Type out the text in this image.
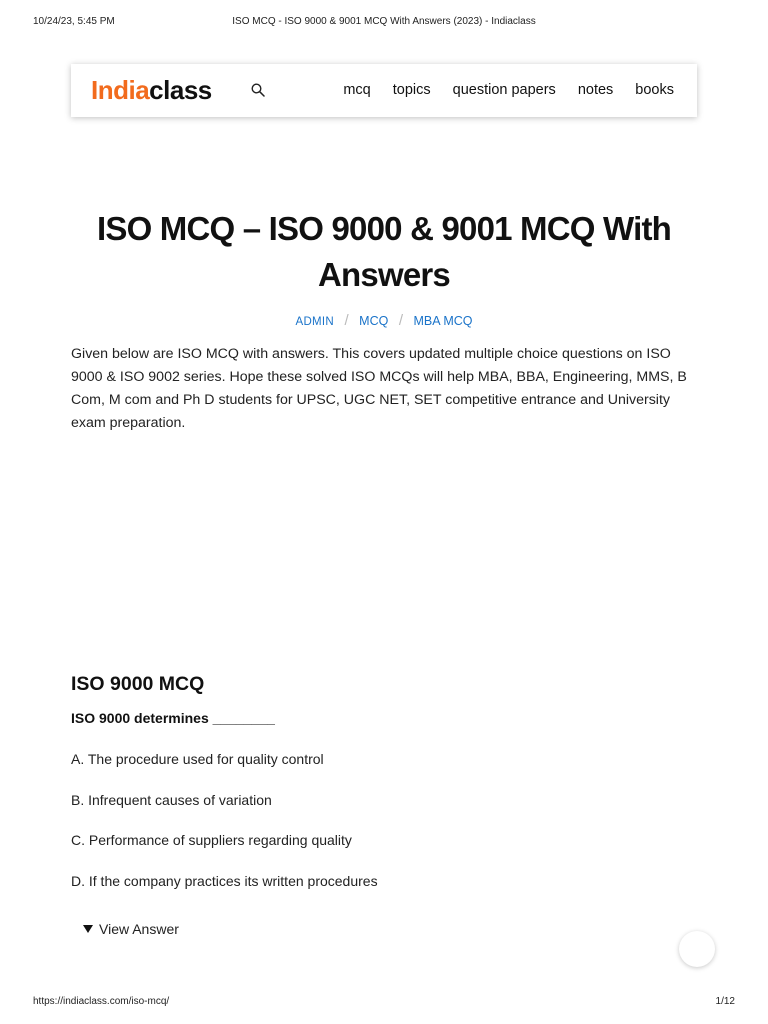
10/24/23, 5:45 PM	ISO MCQ - ISO 9000 & 9001 MCQ With Answers (2023) - Indiaclass
Indiaclass	mcq topics question papers notes books
ISO MCQ – ISO 9000 & 9001 MCQ With Answers
ADMIN / MCQ / MBA MCQ

Given below are ISO MCQ with answers. This covers updated multiple choice questions on ISO 9000 & ISO 9002 series. Hope these solved ISO MCQs will help MBA, BBA, Engineering, MMS, B Com, M com and Ph D students for UPSC, UGC NET, SET competitive entrance and University exam preparation.

ISO 9000 MCQ

ISO 9000 determines ________

A. The procedure used for quality control

B. Infrequent causes of variation

C. Performance of suppliers regarding quality

D. If the company practices its written procedures

View Answer
https://indiaclass.com/iso-mcq/	1/12
